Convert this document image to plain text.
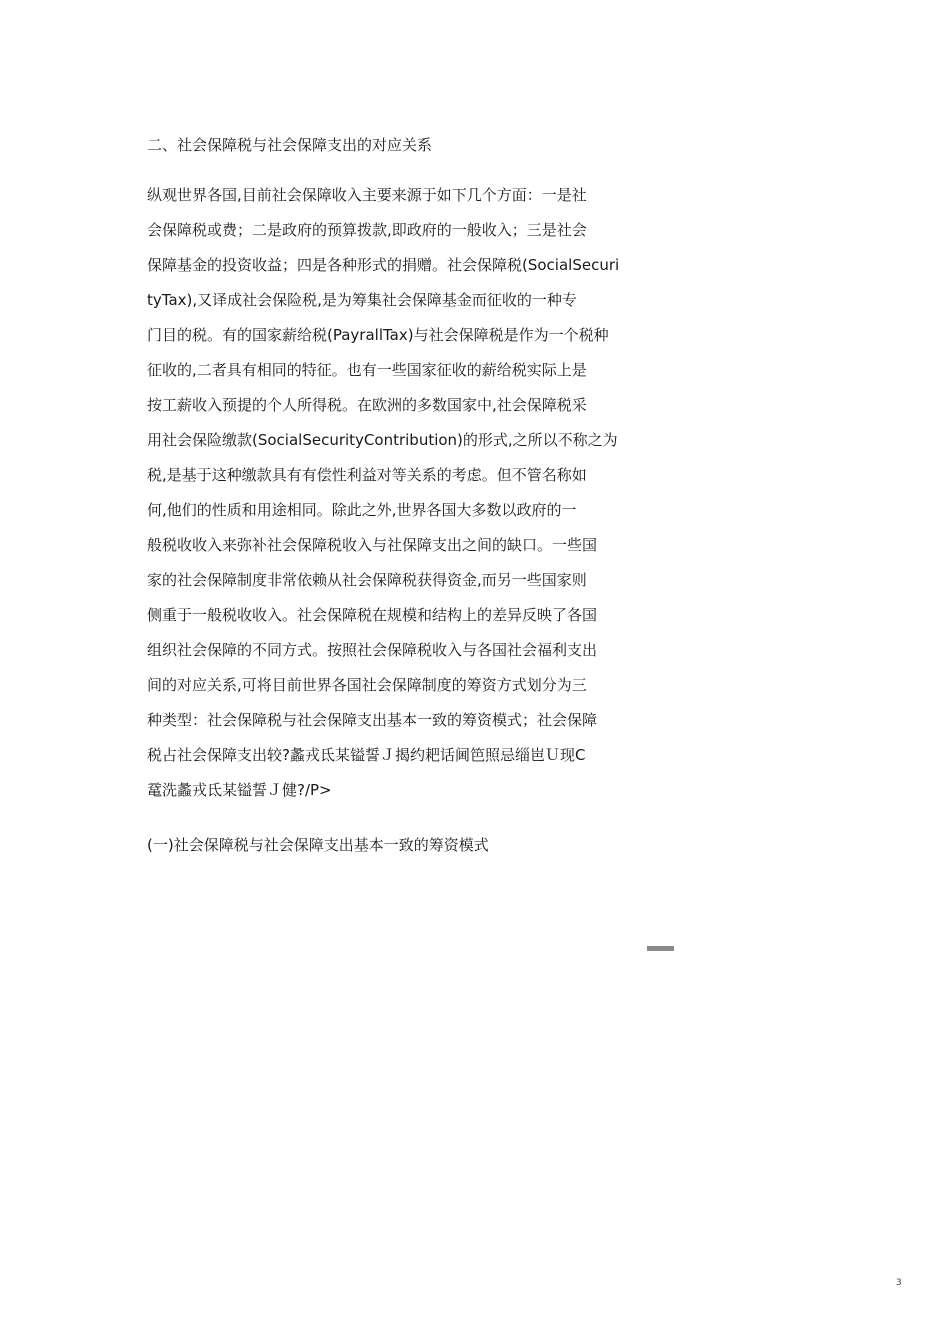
二、社会保障税与社会保障支出的对应关系
纵观世界各国,目前社会保障收入主要来源于如下几个方面：一是社
会保障税或费；二是政府的预算拨款,即政府的一般收入；三是社会
保障基金的投资收益；四是各种形式的捐赠。社会保障税(SocialSecuri
tyTax),又译成社会保险税,是为筹集社会保障基金而征收的一种专
门目的税。有的国家薪给税(PayrallTax)与社会保障税是作为一个税种
征收的,二者具有相同的特征。也有一些国家征收的薪给税实际上是
按工薪收入预提的个人所得税。在欧洲的多数国家中,社会保障税采
用社会保险缴款(SocialSecurityContribution)的形式,之所以不称之为
税,是基于这种缴款具有有偿性利益对等关系的考虑。但不管名称如
何,他们的性质和用途相同。除此之外,世界各国大多数以政府的一
般税收收入来弥补社会保障税收入与社保障支出之间的缺口。一些国
家的社会保障制度非常依赖从社会保障税获得资金,而另一些国家则
侧重于一般税收收入。社会保障税在规模和结构上的差异反映了各国
组织社会保障的不同方式。按照社会保障税收入与各国社会福利支出
间的对应关系,可将目前世界各国社会保障制度的筹资方式划分为三
种类型：社会保障税与社会保障支出基本一致的筹资模式；社会保障
税占社会保障支出较?蠡戎氐某镒誓Ｊ揭约耙话阃笆照忌缁岜Ｕ现С
鼋洗蠡戎氐某镒誓Ｊ健?/P>
(一)社会保障税与社会保障支出基本一致的筹资模式
3
